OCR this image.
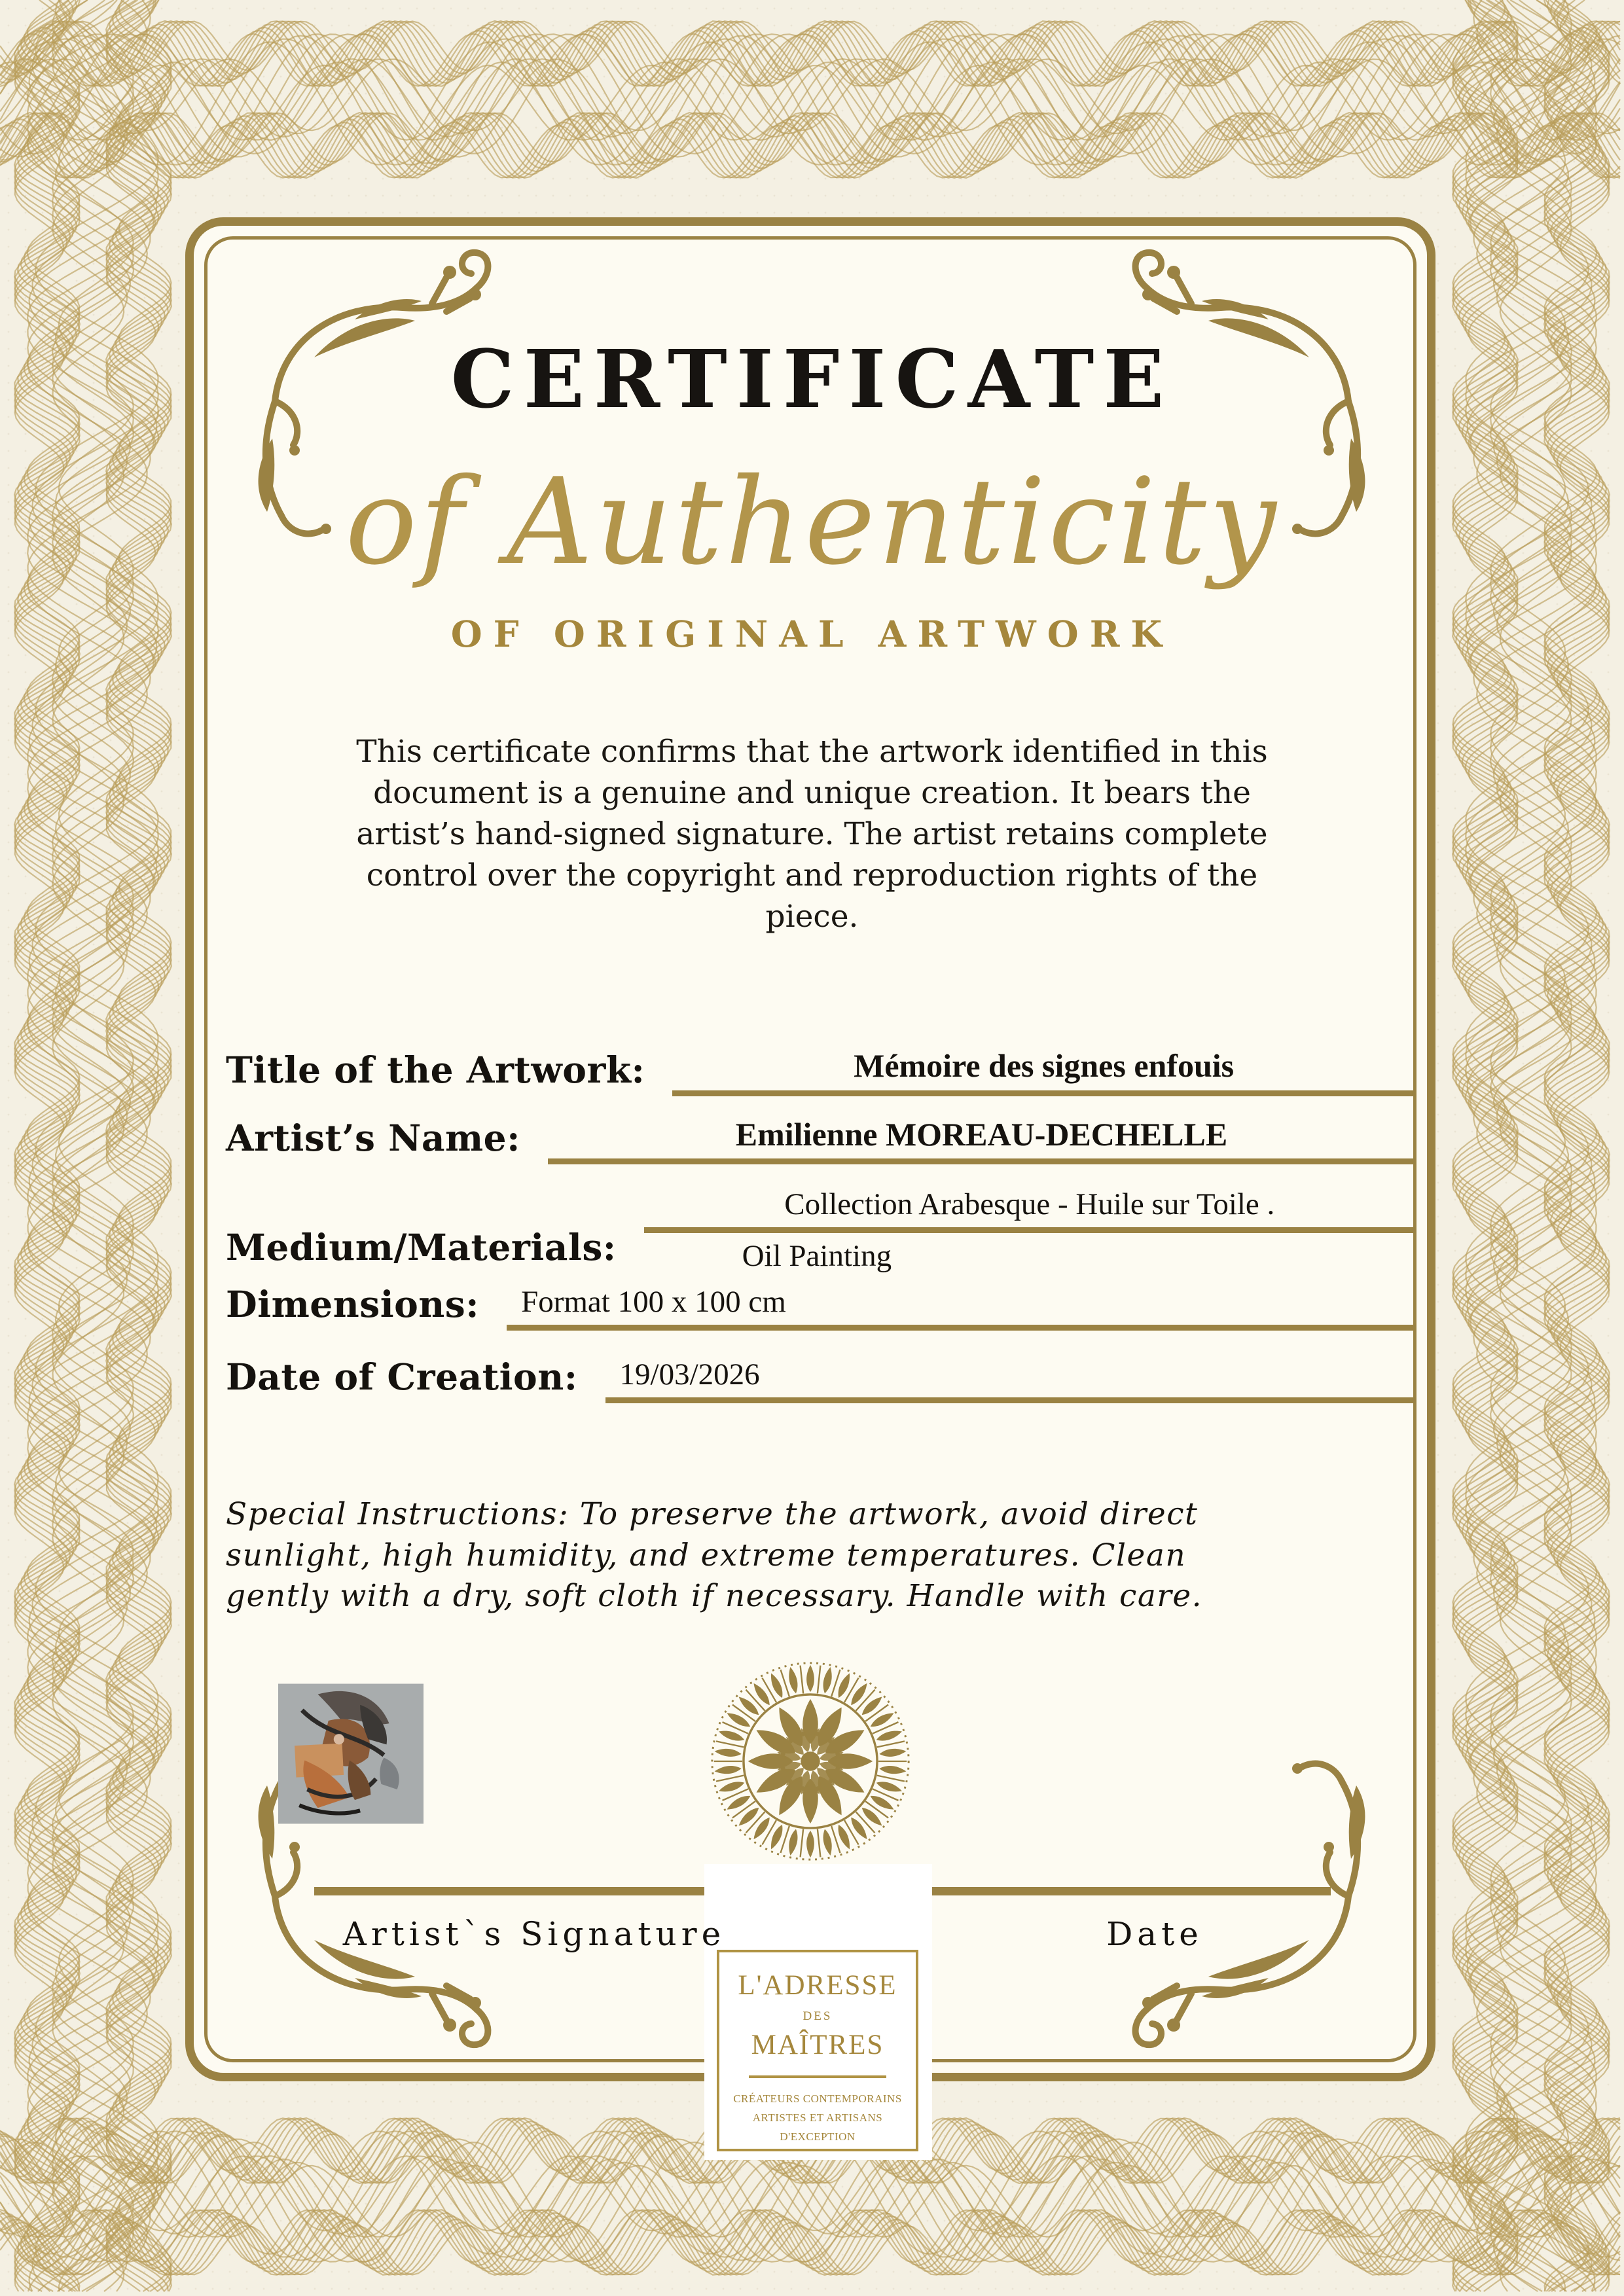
CERTIFICATE
of Authenticity
OF ORIGINAL ARTWORK
This certificate confirms that the artwork identified in this document is a genuine and unique creation. It bears the artist’s hand-signed signature. The artist retains complete control over the copyright and reproduction rights of the piece.
Title of the Artwork:	Mémoire des signes enfouis
Artist’s Name:	Emilienne MOREAU-DECHELLE
Medium/Materials:
Collection Arabesque - Huile sur Toile .
Oil Painting
Dimensions:	Format 100 x 100 cm
Date of Creation:	19/03/2026
Special Instructions: To preserve the artwork, avoid direct sunlight, high humidity, and extreme temperatures. Clean gently with a dry, soft cloth if necessary. Handle with care.
L'ADRESSE
DES
MAÎTRES
CRÉATEURS CONTEMPORAINS
ARTISTES ET ARTISANS
D'EXCEPTION
Artist`s Signature	Date
